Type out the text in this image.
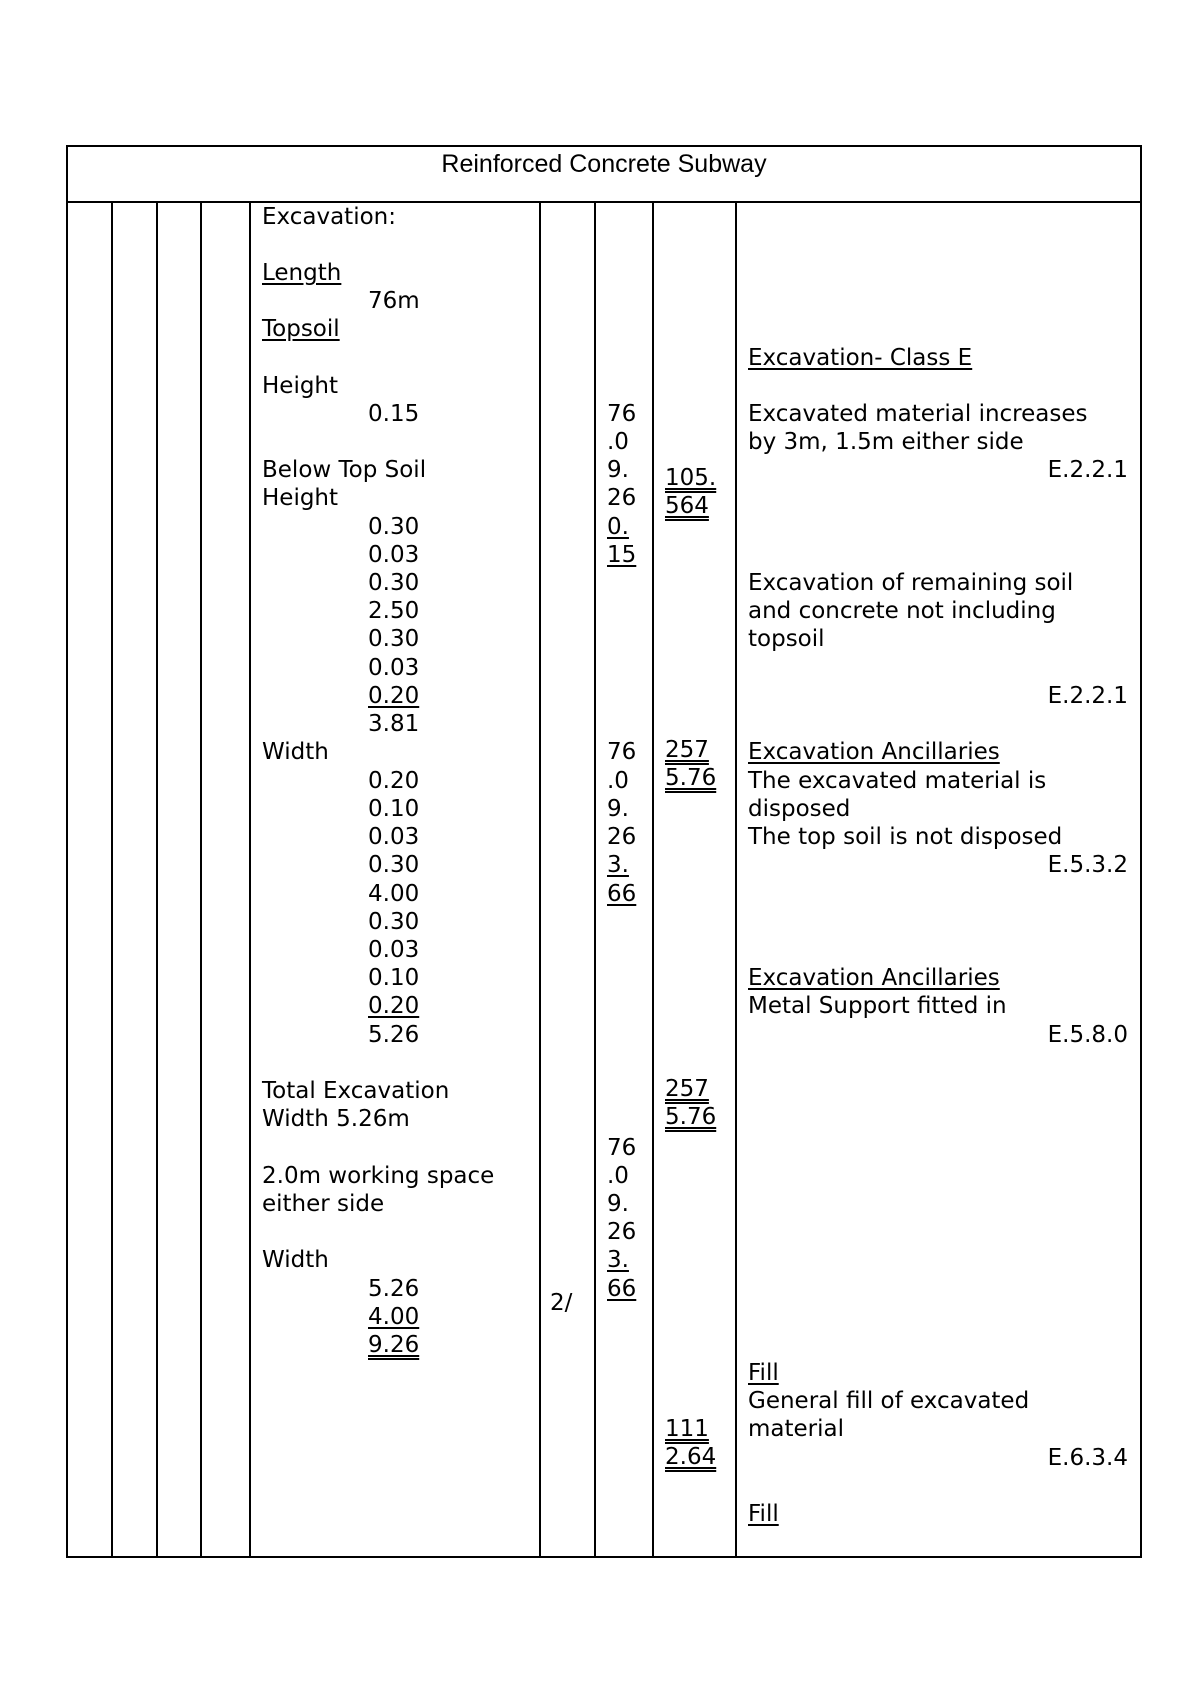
Reinforced Concrete Subway
Excavation:
Length
76m
Topsoil
Height
0.15
Below Top Soil
Height
0.30
0.03
0.30
2.50
0.30
0.03
0.20
3.81
Width
0.20
0.10
0.03
0.30
4.00
0.30
0.03
0.10
0.20
5.26
Total Excavation
Width 5.26m
2.0m working space
either side
Width
5.26
4.00
9.26
2/
76
.0
9.
26
0.
15
76
.0
9.
26
3.
66
76
.0
9.
26
3.
66
105.
564
257
5.76
257
5.76
111
2.64
Excavation- Class E
Excavated material increases by 3m, 1.5m either side
E.2.2.1
Excavation of remaining soil and concrete not including topsoil
E.2.2.1
Excavation Ancillaries
The excavated material is
disposed
The top soil is not disposed
E.5.3.2
Excavation Ancillaries
Metal Support fitted in
E.5.8.0
Fill
General fill of excavated
material
E.6.3.4
Fill
